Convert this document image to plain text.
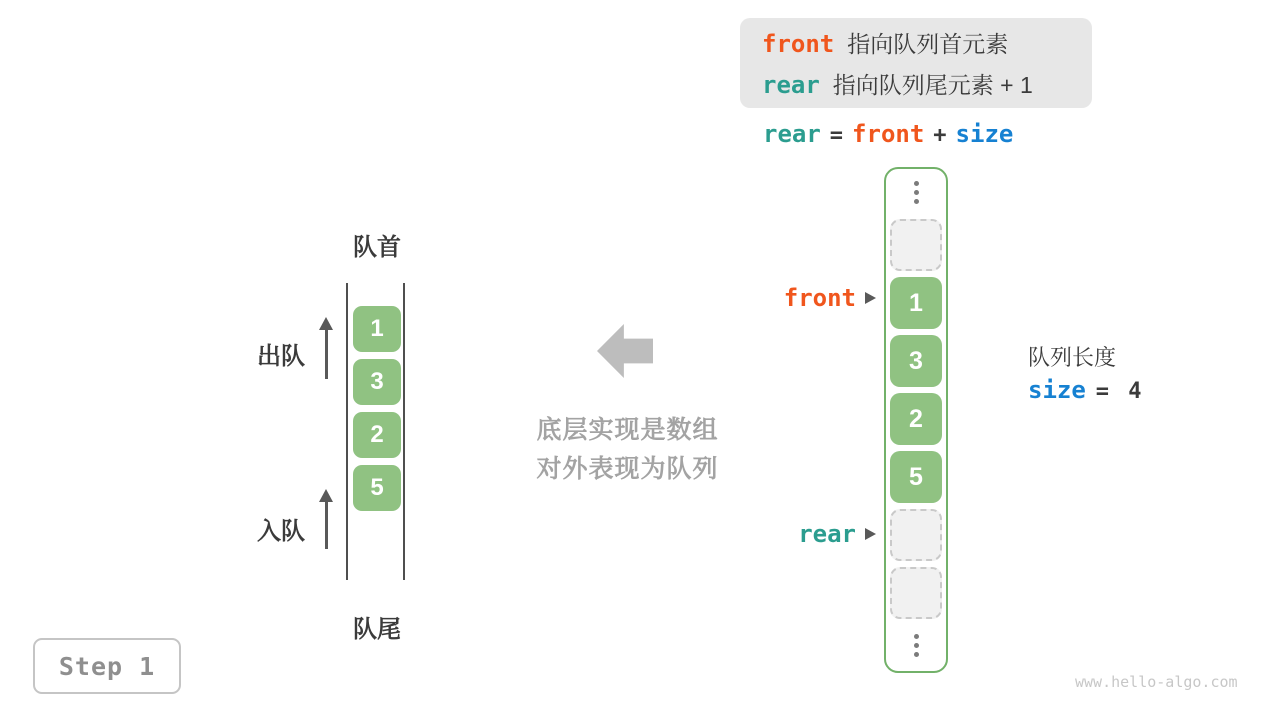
front 指向队列首元素
rear 指向队列尾元素 + 1
rear = front + size
队首
1
3
2
5
出队
入队
队尾
底层实现是数组
对外表现为队列
front
rear
1
3
2
5
队列长度
size = 4
Step 1
www.hello-algo.com
